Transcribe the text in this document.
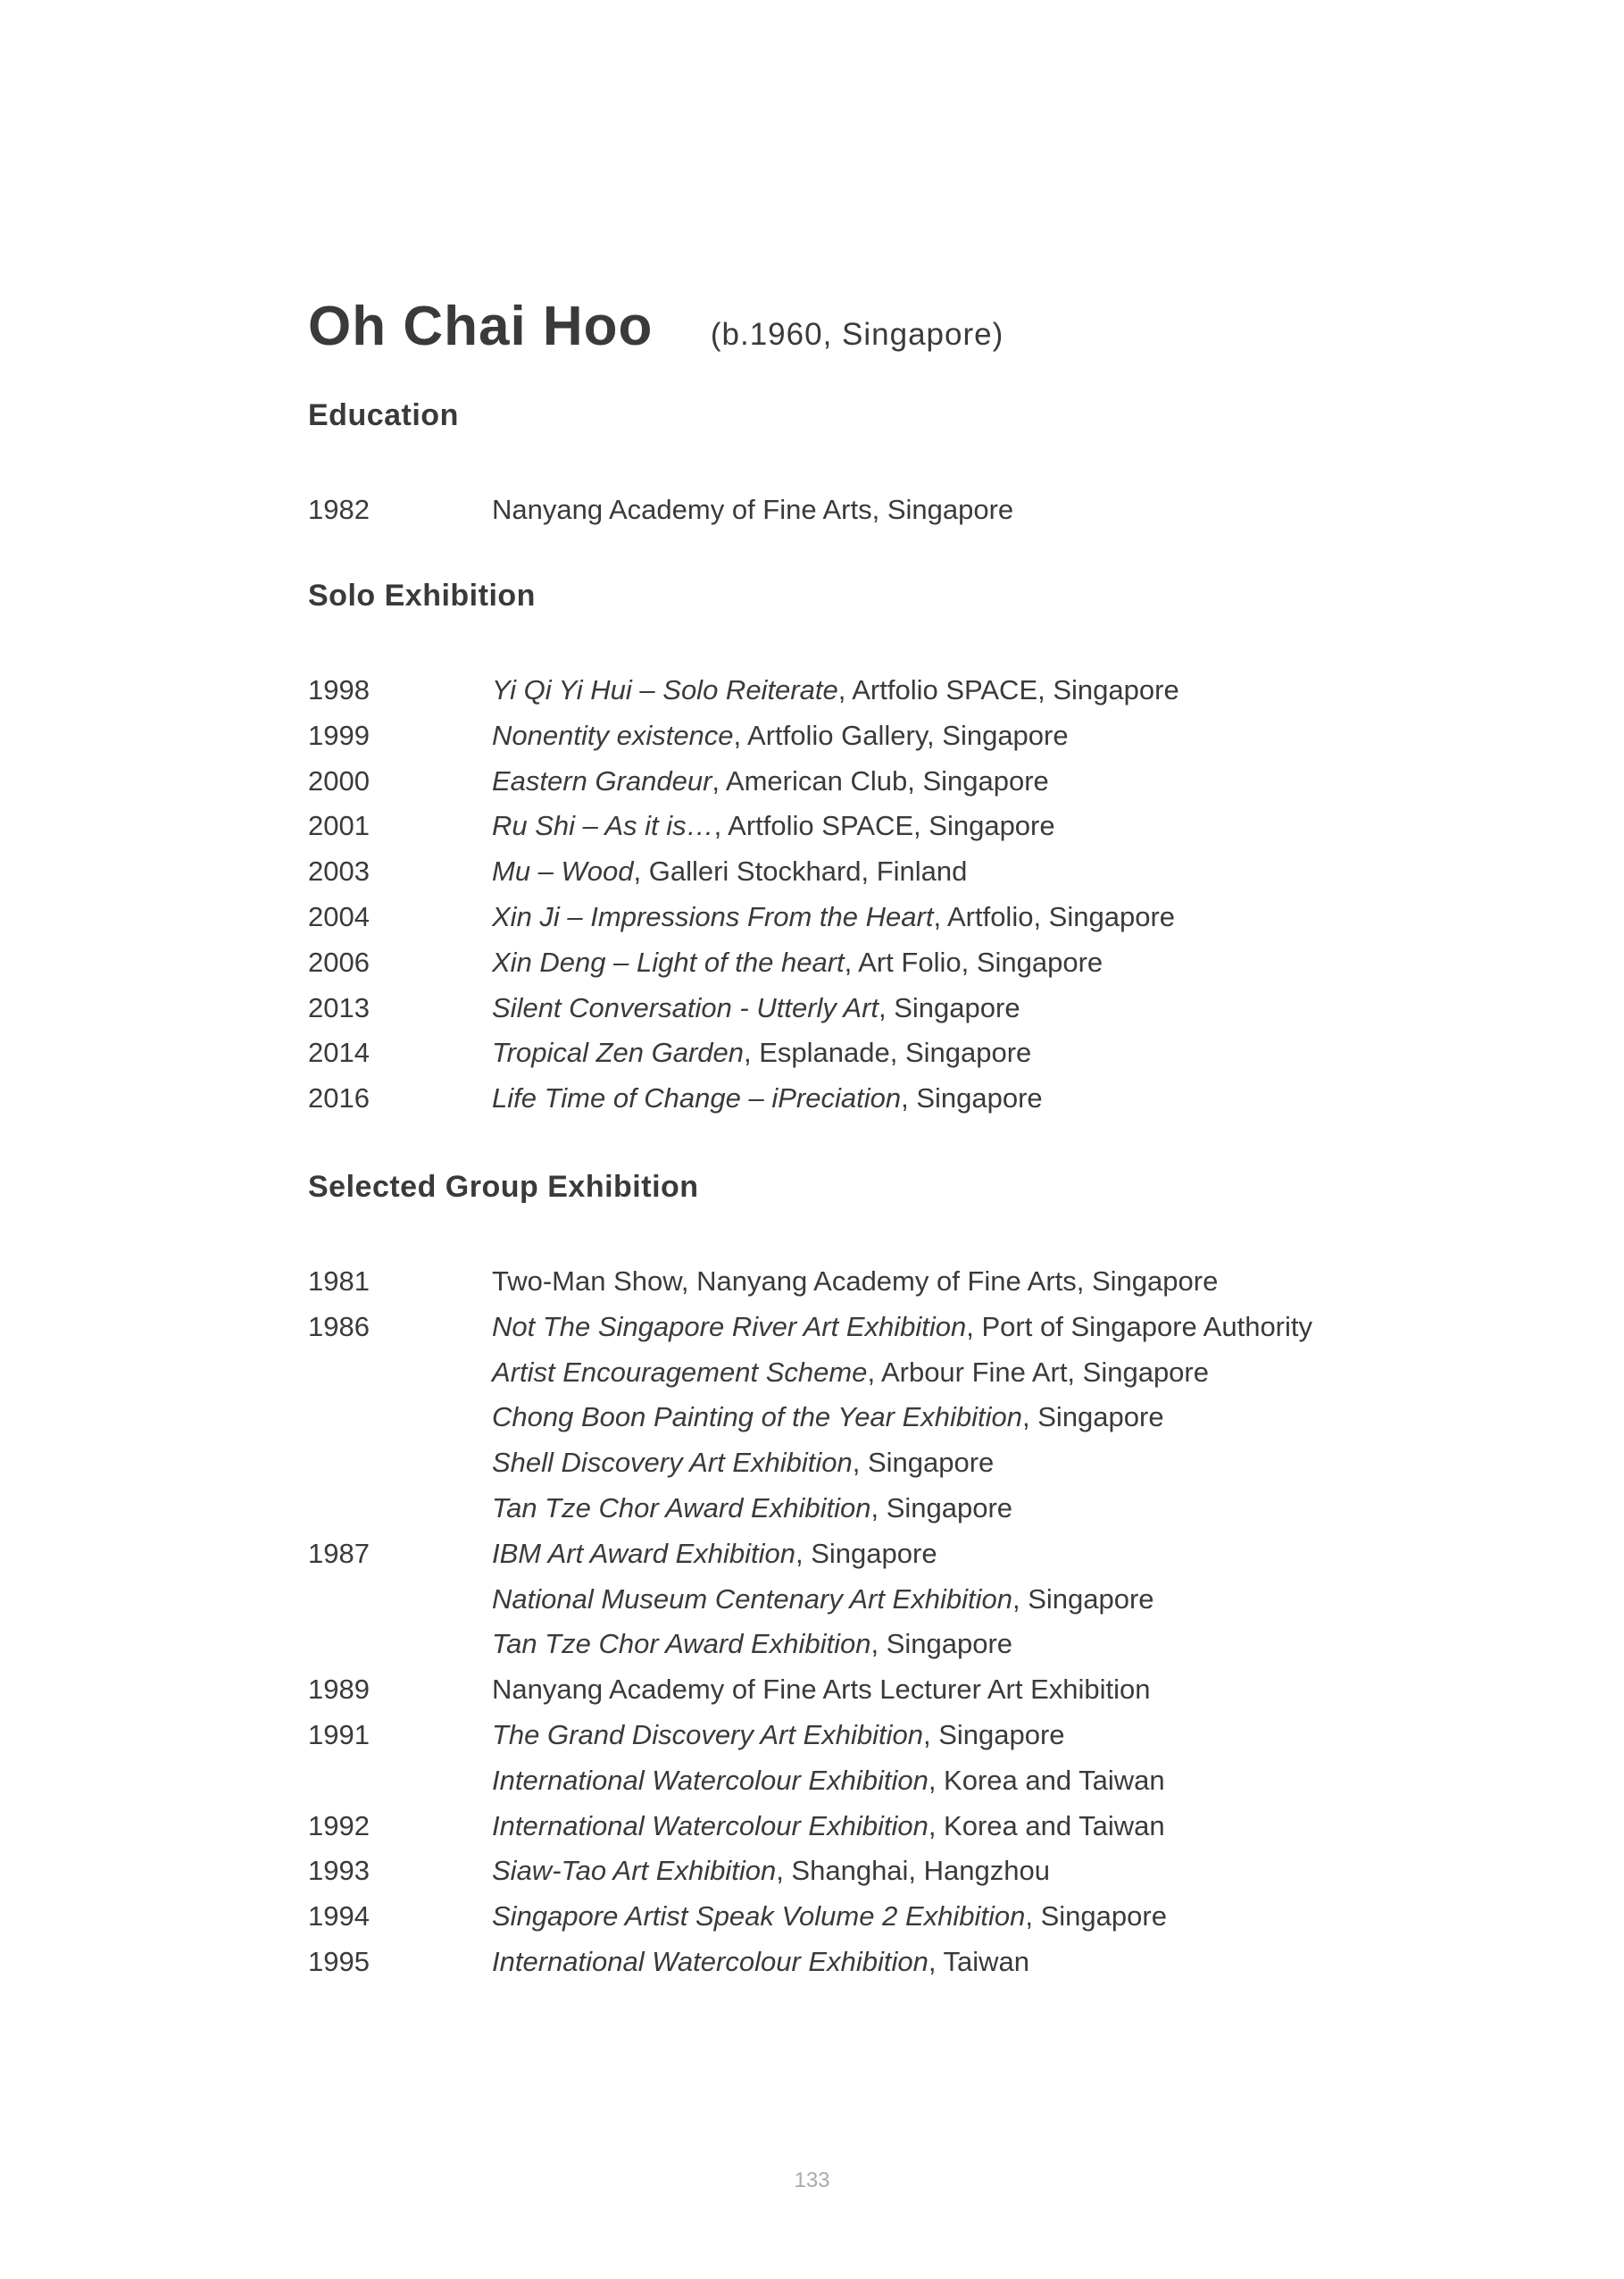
Oh Chai Hoo (b.1960, Singapore)
Education
1982	Nanyang Academy of Fine Arts, Singapore
Solo Exhibition
1998	Yi Qi Yi Hui – Solo Reiterate, Artfolio SPACE, Singapore
1999	Nonentity existence, Artfolio Gallery, Singapore
2000	Eastern Grandeur, American Club, Singapore
2001	Ru Shi – As it is…, Artfolio SPACE, Singapore
2003	Mu – Wood, Galleri Stockhard, Finland
2004	Xin Ji – Impressions From the Heart, Artfolio, Singapore
2006	Xin Deng – Light of the heart, Art Folio, Singapore
2013	Silent Conversation - Utterly Art, Singapore
2014	Tropical Zen Garden, Esplanade, Singapore
2016	Life Time of Change – iPreciation, Singapore
Selected Group Exhibition
1981	Two-Man Show, Nanyang Academy of Fine Arts, Singapore
1986	Not The Singapore River Art Exhibition, Port of Singapore Authority
Artist Encouragement Scheme, Arbour Fine Art, Singapore
Chong Boon Painting of the Year Exhibition, Singapore
Shell Discovery Art Exhibition, Singapore
Tan Tze Chor Award Exhibition, Singapore
1987	IBM Art Award Exhibition, Singapore
National Museum Centenary Art Exhibition, Singapore
Tan Tze Chor Award Exhibition, Singapore
1989	Nanyang Academy of Fine Arts Lecturer Art Exhibition
1991	The Grand Discovery Art Exhibition, Singapore
International Watercolour Exhibition, Korea and Taiwan
1992	International Watercolour Exhibition, Korea and Taiwan
1993	Siaw-Tao Art Exhibition, Shanghai, Hangzhou
1994	Singapore Artist Speak Volume 2 Exhibition, Singapore
1995	International Watercolour Exhibition, Taiwan
133
